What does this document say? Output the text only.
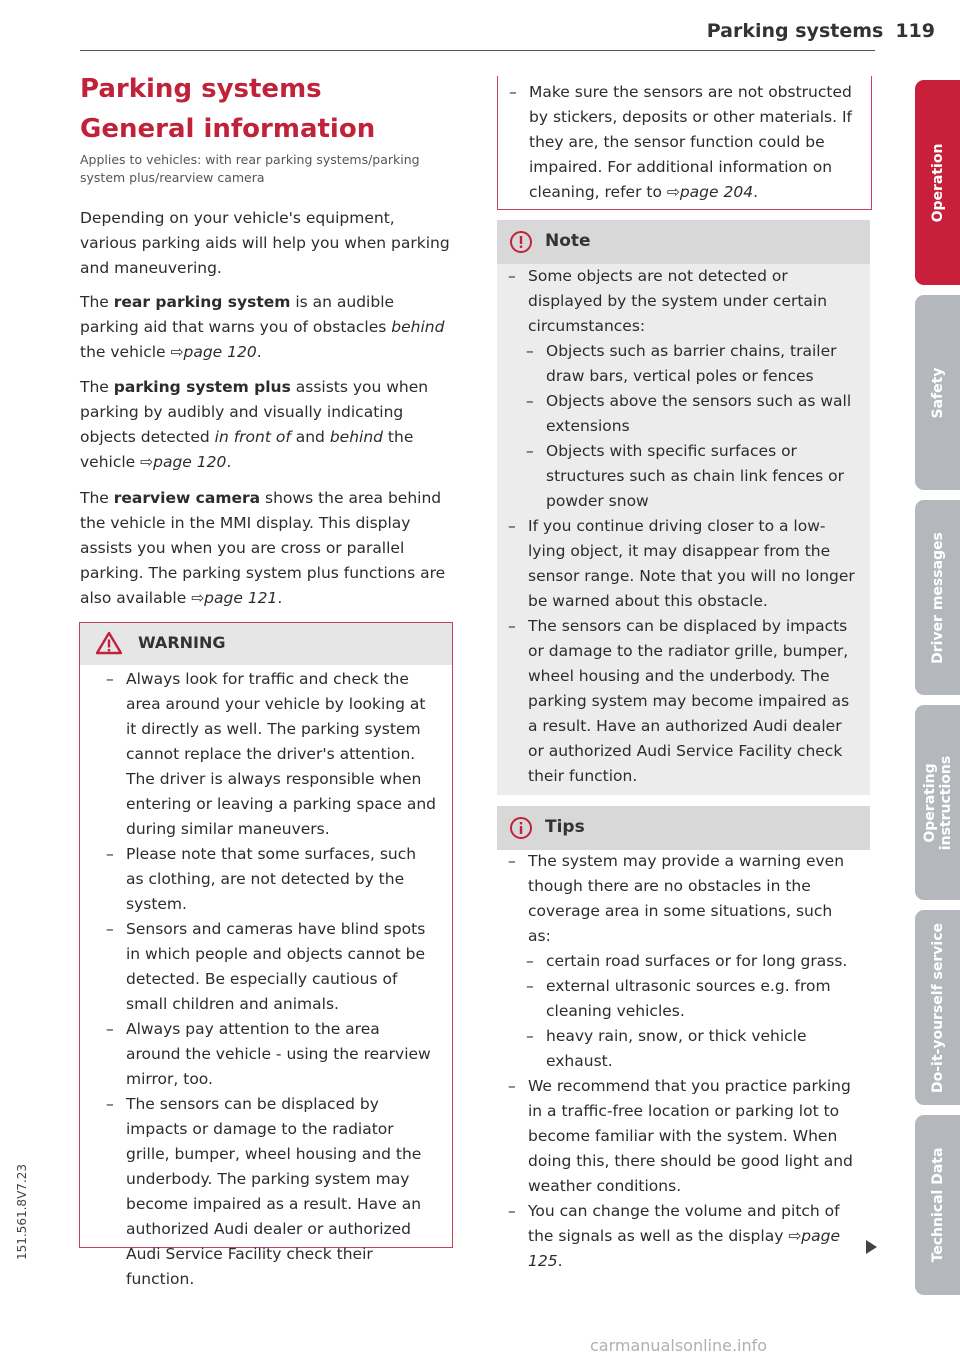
Parking systems 119
Parking systems
General information
Applies to vehicles: with rear parking systems/parking system plus/rearview camera
Depending on your vehicle's equipment, various parking aids will help you when parking and maneuvering.
The rear parking system is an audible parking aid that warns you of obstacles behind the vehicle ⇨page 120.
The parking system plus assists you when parking by audibly and visually indicating objects detected in front of and behind the vehicle ⇨page 120.
The rearview camera shows the area behind the vehicle in the MMI display. This display assists you when you are cross or parallel parking. The parking system plus functions are also available ⇨page 121.
WARNING
– Always look for traffic and check the area around your vehicle by looking at it directly as well. The parking system cannot replace the driver's attention. The driver is always responsible when entering or leaving a parking space and during similar maneuvers.
– Please note that some surfaces, such as clothing, are not detected by the system.
– Sensors and cameras have blind spots in which people and objects cannot be detected. Be especially cautious of small children and animals.
– Always pay attention to the area around the vehicle - using the rearview mirror, too.
– The sensors can be displaced by impacts or damage to the radiator grille, bumper, wheel housing and the underbody. The parking system may become impaired as a result. Have an authorized Audi dealer or authorized Audi Service Facility check their function.
– Make sure the sensors are not obstructed by stickers, deposits or other materials. If they are, the sensor function could be impaired. For additional information on cleaning, refer to ⇨page 204.
Note
– Some objects are not detected or displayed by the system under certain circumstances:
– Objects such as barrier chains, trailer draw bars, vertical poles or fences
– Objects above the sensors such as wall extensions
– Objects with specific surfaces or structures such as chain link fences or powder snow
– If you continue driving closer to a low-lying object, it may disappear from the sensor range. Note that you will no longer be warned about this obstacle.
– The sensors can be displaced by impacts or damage to the radiator grille, bumper, wheel housing and the underbody. The parking system may become impaired as a result. Have an authorized Audi dealer or authorized Audi Service Facility check their function.
Tips
– The system may provide a warning even though there are no obstacles in the coverage area in some situations, such as:
– certain road surfaces or for long grass.
– external ultrasonic sources e.g. from cleaning vehicles.
– heavy rain, snow, or thick vehicle exhaust.
– We recommend that you practice parking in a traffic-free location or parking lot to become familiar with the system. When doing this, there should be good light and weather conditions.
– You can change the volume and pitch of the signals as well as the display ⇨page 125.
Operation
Safety
Driver messages
Operating instructions
Do-it-yourself service
Technical Data
151.561.8V7.23
carmanualsonline.info
